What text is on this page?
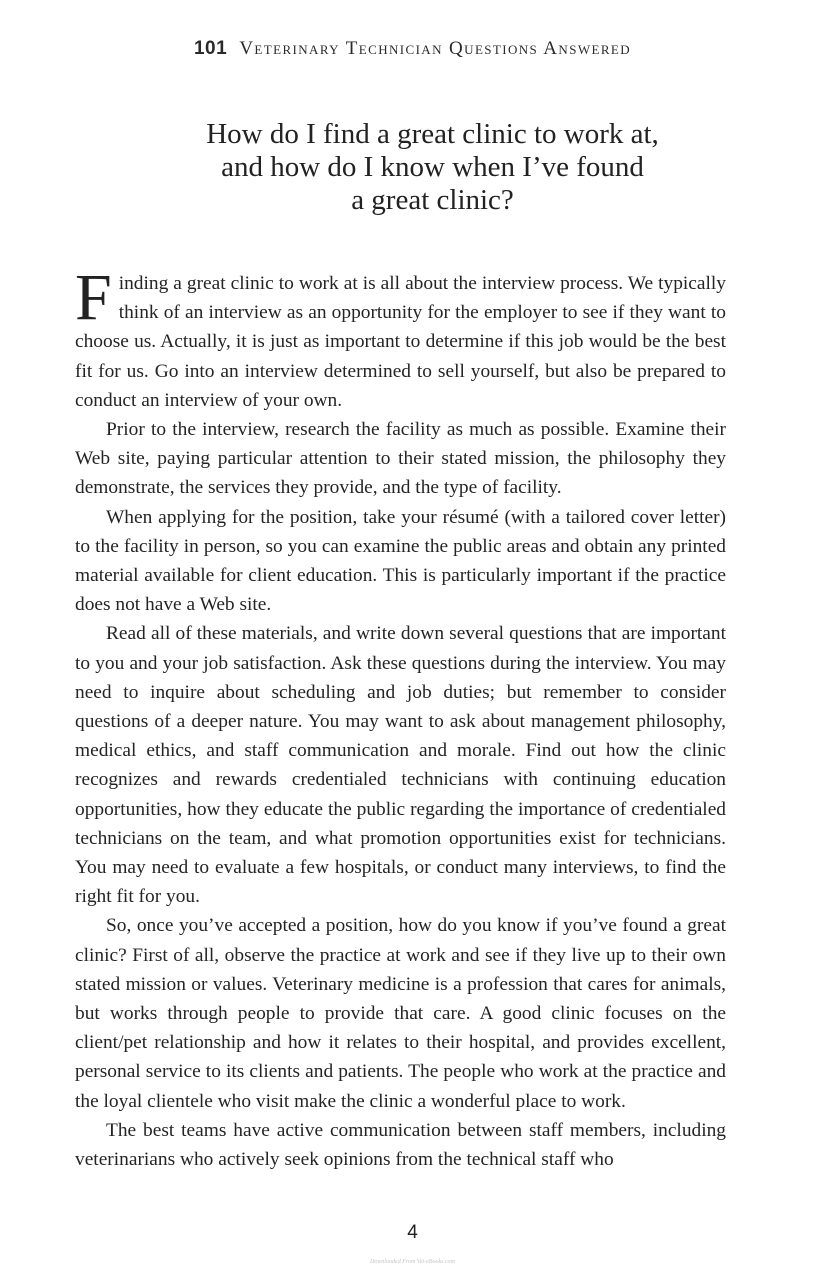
101 Veterinary Technician Questions Answered
How do I find a great clinic to work at,
and how do I know when I’ve found
a great clinic?

Finding a great clinic to work at is all about the interview process. We typically think of an interview as an opportunity for the employer to see if they want to choose us. Actually, it is just as important to determine if this job would be the best fit for us. Go into an interview determined to sell yourself, but also be prepared to conduct an interview of your own.

Prior to the interview, research the facility as much as possible. Examine their Web site, paying particular attention to their stated mission, the philosophy they demonstrate, the services they provide, and the type of facility.

When applying for the position, take your résumé (with a tailored cover letter) to the facility in person, so you can examine the public areas and obtain any printed material available for client education. This is particularly important if the practice does not have a Web site.

Read all of these materials, and write down several questions that are important to you and your job satisfaction. Ask these questions during the interview. You may need to inquire about scheduling and job duties; but remember to consider questions of a deeper nature. You may want to ask about management philosophy, medical ethics, and staff communication and morale. Find out how the clinic recognizes and rewards credentialed technicians with continuing education opportunities, how they educate the public regarding the importance of credentialed technicians on the team, and what promotion opportunities exist for technicians. You may need to evaluate a few hospitals, or conduct many interviews, to find the right fit for you.

So, once you’ve accepted a position, how do you know if you’ve found a great clinic? First of all, observe the practice at work and see if they live up to their own stated mission or values. Veterinary medicine is a profession that cares for animals, but works through people to provide that care. A good clinic focuses on the client/pet relationship and how it relates to their hospital, and provides excellent, personal service to its clients and patients. The people who work at the practice and the loyal clientele who visit make the clinic a wonderful place to work.

The best teams have active communication between staff members, including veterinarians who actively seek opinions from the technical staff who

4
Downloaded From Vet-eBooks.com
